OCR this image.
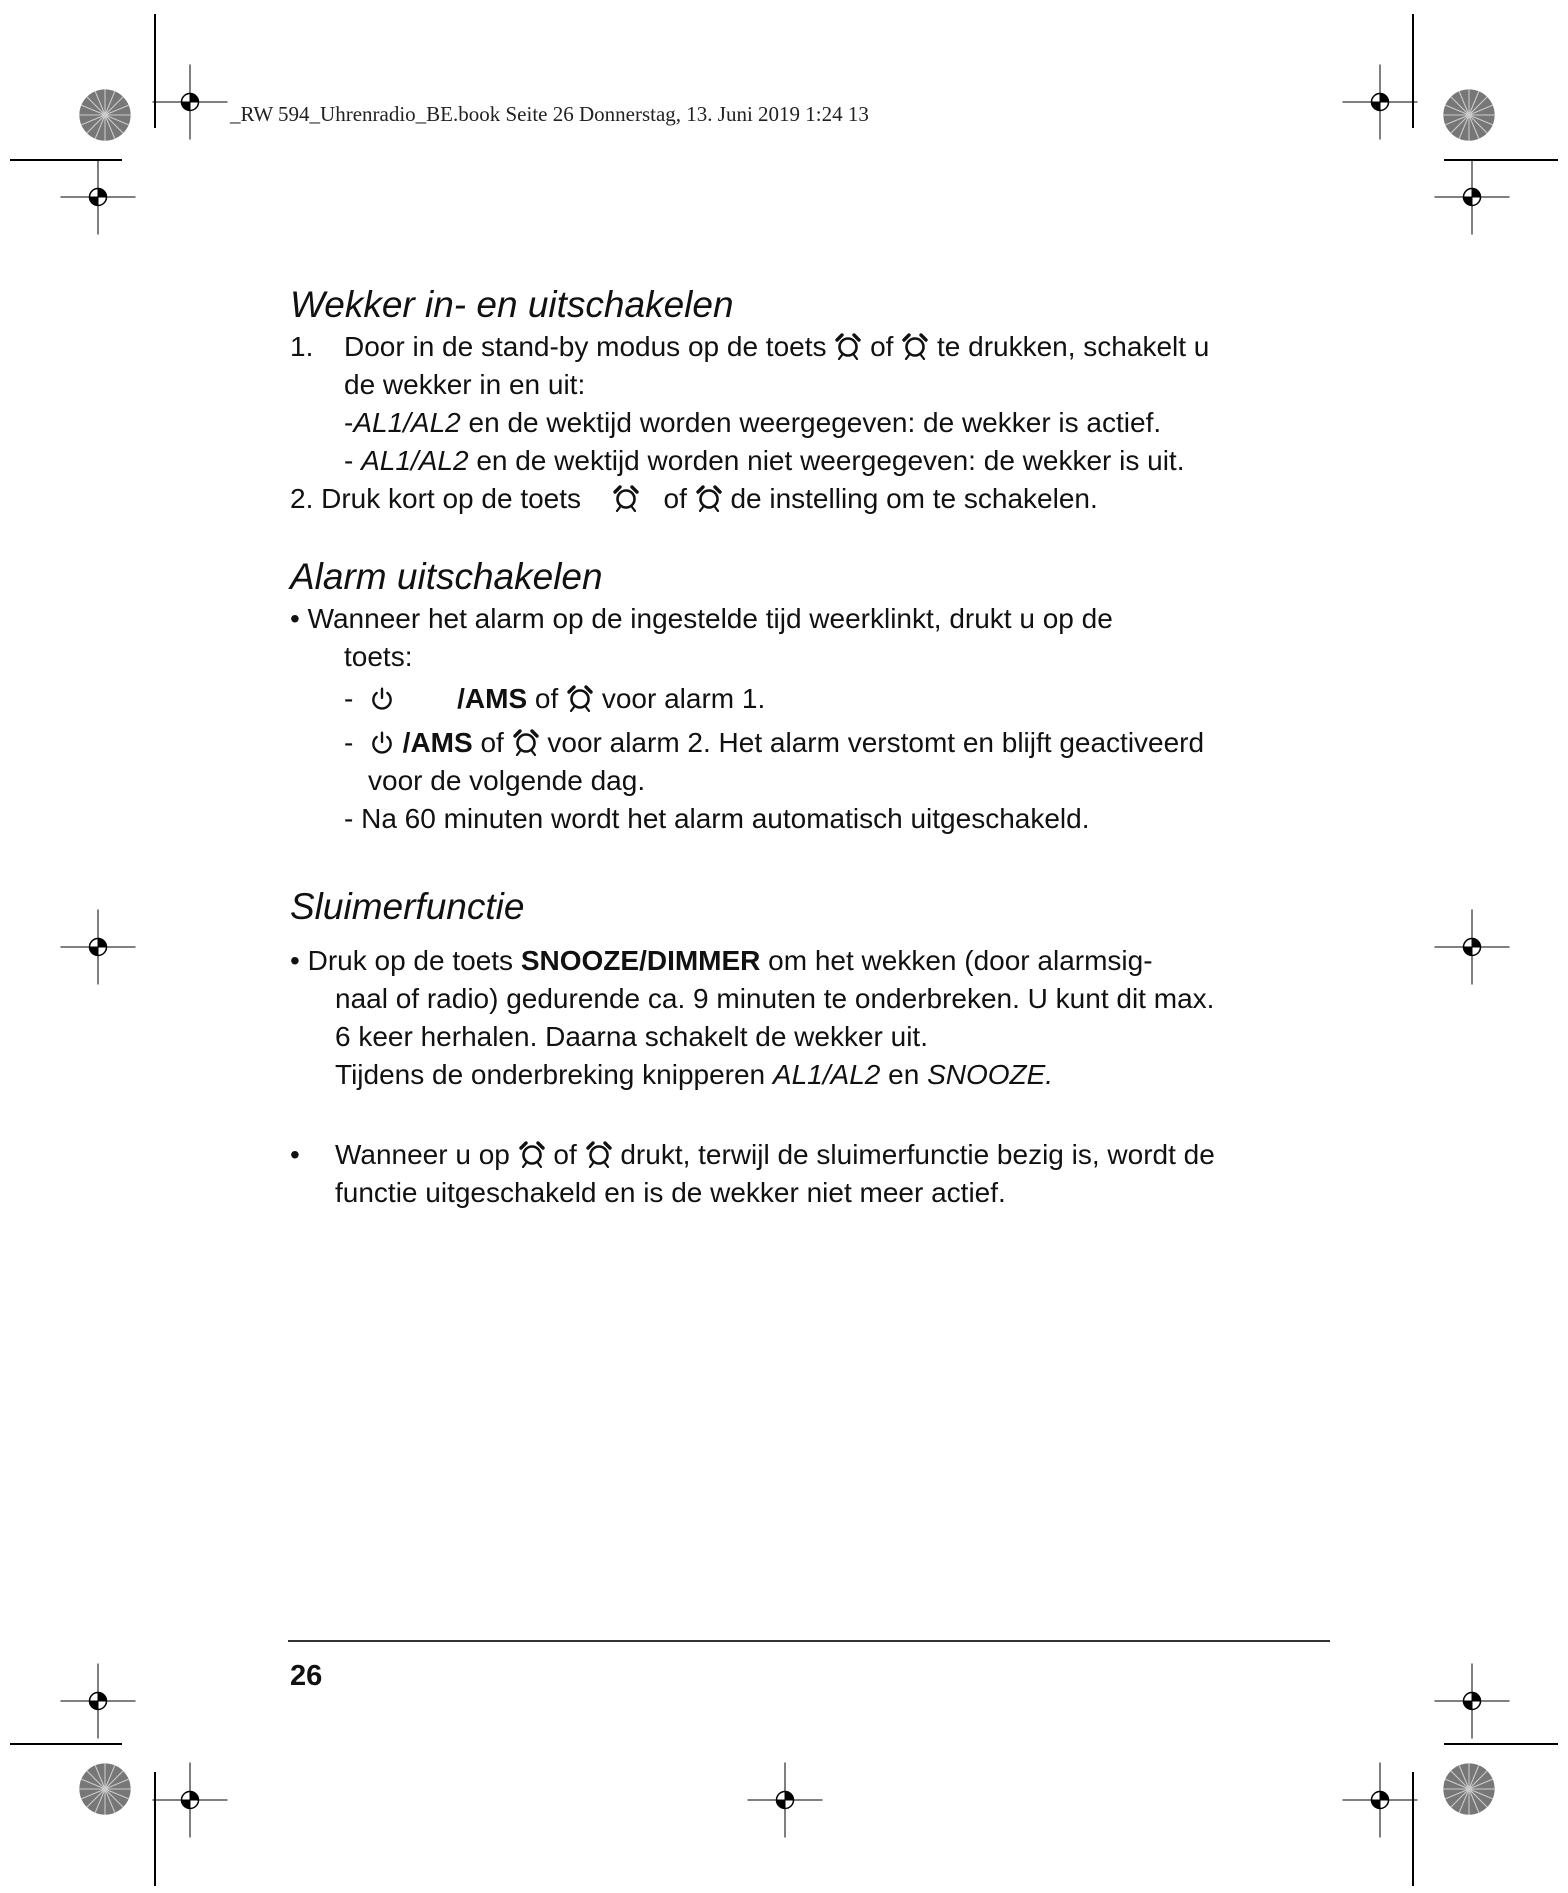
_RW 594_Uhrenradio_BE.book Seite 26 Donnerstag, 13. Juni 2019 1:24 13
Wekker in- en uitschakelen
1. Door in de stand-by modus op de toets of te drukken, schakelt u
de wekker in en uit:
-AL1/AL2 en de wektijd worden weergegeven: de wekker is actief.
- AL1/AL2 en de wektijd worden niet weergegeven: de wekker is uit.
2. Druk kort op de toets	of de instelling om te schakelen.
Alarm uitschakelen
• Wanneer het alarm op de ingestelde tijd weerklinkt, drukt u op de
toets:
-	/AMS of voor alarm 1.
- /AMS of voor alarm 2. Het alarm verstomt en blijft geactiveerd
voor de volgende dag.
- Na 60 minuten wordt het alarm automatisch uitgeschakeld.
Sluimerfunctie
• Druk op de toets SNOOZE/DIMMER om het wekken (door alarmsig-
naal of radio) gedurende ca. 9 minuten te onderbreken. U kunt dit max.
6 keer herhalen. Daarna schakelt de wekker uit.
Tijdens de onderbreking knipperen AL1/AL2 en SNOOZE.
• Wanneer u op of drukt, terwijl de sluimerfunctie bezig is, wordt de
functie uitgeschakeld en is de wekker niet meer actief.
26
